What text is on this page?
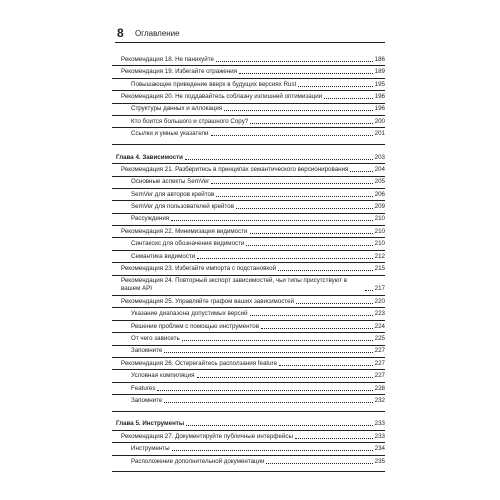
8 Оглавление
Рекомендация 18. Не паникуйте	186
Рекомендация 19. Избегайте отражения	189
Повышающее приведение вверх в будущих версиях Rust	195
Рекомендация 20. Не поддавайтесь соблазну излишней оптимизации	196
Структуры данных и аллокация	196
Кто боится большого и страшного Copy?	200
Ссылки и умные указатели	201
Глава 4. Зависимости	203
Рекомендация 21. Разберитесь в принципах семантического версионирования	204
Основные аспекты SemVer	205
SemVer для авторов крейтов	206
SemVer для пользователей крейтов	209
Рассуждения	210
Рекомендация 22. Минимизация видимости	210
Синтаксис для обозначения видимости	210
Семантика видимости	212
Рекомендация 23. Избегайте импорта с подстановкой	215
Рекомендация 24. Повторный экспорт зависимостей, чьи типы присутствуют в вашем API	217
Рекомендация 25. Управляйте графом ваших зависимостей	220
Указание диапазона допустимых версий	223
Решение проблем с помощью инструментов	224
От чего зависеть	225
Запомните	227
Рекомендация 26. Остерегайтесь расползания feature	227
Условная компиляция	227
Features	228
Запомните	232
Глава 5. Инструменты	233
Рекомендация 27. Документируйте публичные интерфейсы	233
Инструменты	234
Расположение дополнительной документации	235
